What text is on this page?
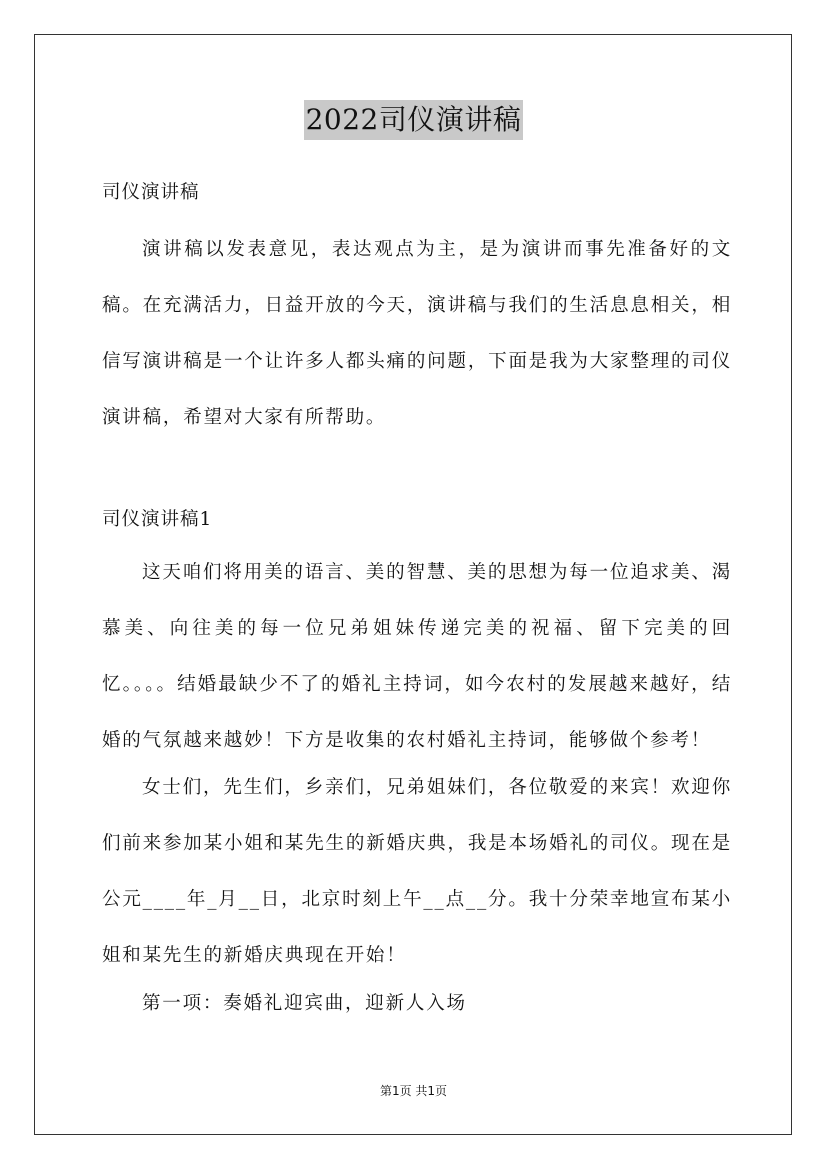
2022司仪演讲稿

司仪演讲稿

演讲稿以发表意见，表达观点为主，是为演讲而事先准备好的文稿。在充满活力，日益开放的今天，演讲稿与我们的生活息息相关，相信写演讲稿是一个让许多人都头痛的问题，下面是我为大家整理的司仪演讲稿，希望对大家有所帮助。

司仪演讲稿1

这天咱们将用美的语言、美的智慧、美的思想为每一位追求美、渴慕美、向往美的每一位兄弟姐妹传递完美的祝福、留下完美的回忆。。。。结婚最缺少不了的婚礼主持词，如今农村的发展越来越好，结婚的气氛越来越妙！下方是收集的农村婚礼主持词，能够做个参考！

女士们，先生们，乡亲们，兄弟姐妹们，各位敬爱的来宾！欢迎你们前来参加某小姐和某先生的新婚庆典，我是本场婚礼的司仪。现在是公元____年_月__日，北京时刻上午__点__分。我十分荣幸地宣布某小姐和某先生的新婚庆典现在开始！

第一项：奏婚礼迎宾曲，迎新人入场

第1页 共1页
